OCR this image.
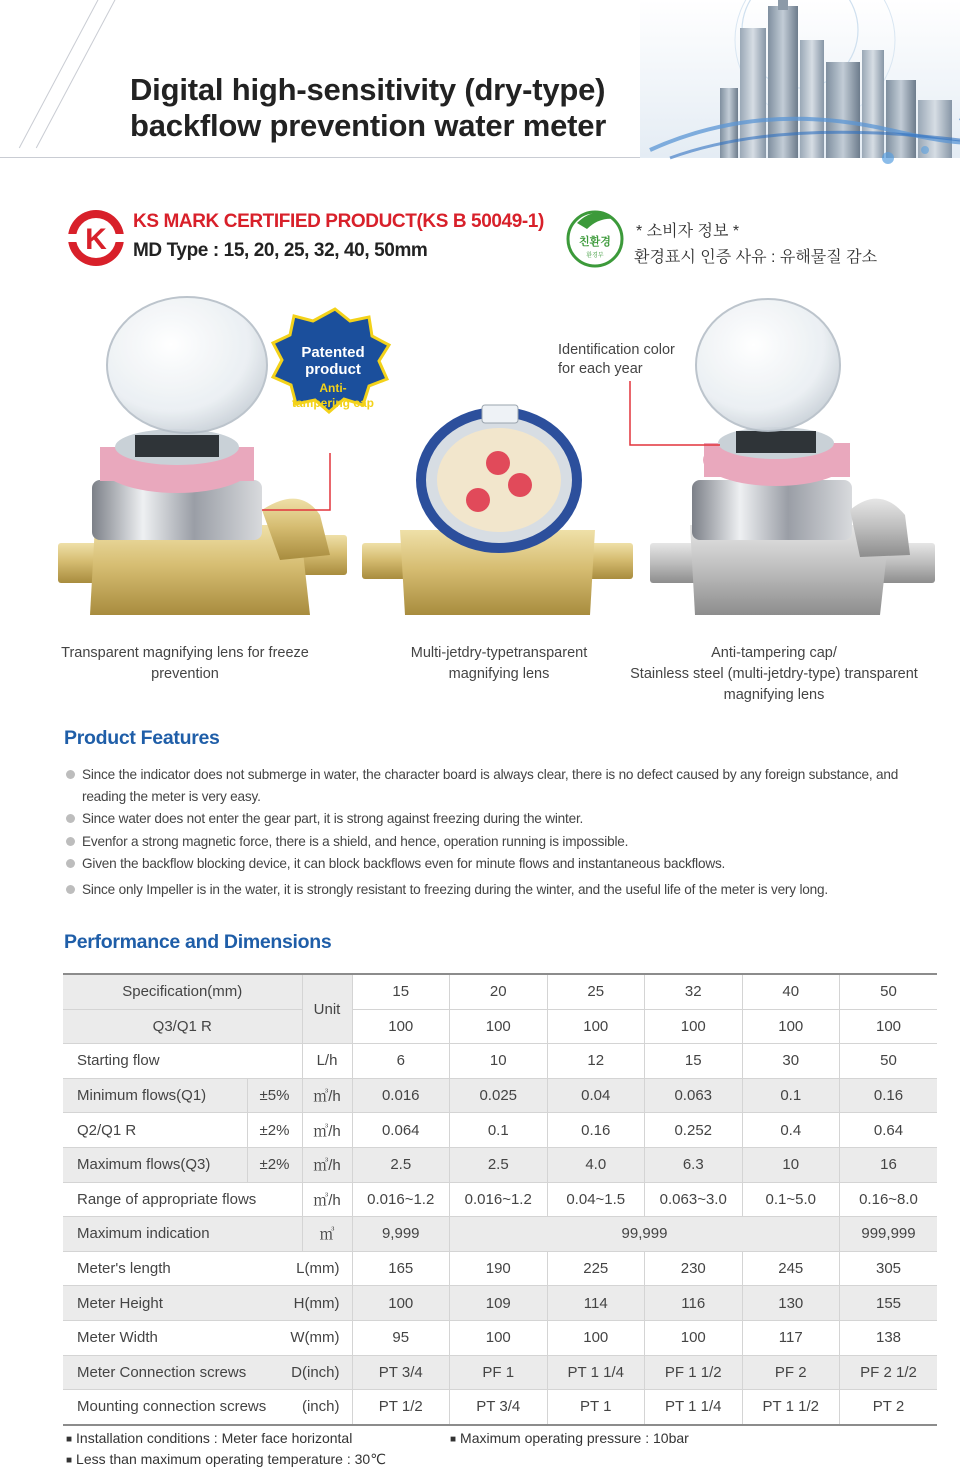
Digital high-sensitivity (dry-type)
backflow prevention water meter
K
KS MARK CERTIFIED PRODUCT(KS B 50049-1)
MD Type : 15, 20, 25, 32, 40, 50mm	친환경
환경부
* 소비자 정보 *
환경표시 인증 사유 : 유해물질 감소
Patented
product
Anti-
tampering cap
Identification color
for each year
Transparent magnifying lens for freeze
prevention
Multi-jetdry-typetransparent
magnifying lens
Anti-tampering cap/
Stainless steel (multi-jetdry-type) transparent
magnifying lens
Product Features
Since the indicator does not submerge in water, the character board is always clear, there is no defect caused by any foreign substance, and reading the meter is very easy.
Since water does not enter the gear part, it is strong against freezing during the winter.
Evenfor a strong magnetic force, there is a shield, and hence, operation running is impossible.
Given the backflow blocking device, it can block backflows even for minute flows and instantaneous backflows.
Since only Impeller is in the water, it is strongly resistant to freezing during the winter, and the useful life of the meter is very long.
Performance and Dimensions
Specification(mm)		Unit	15	20	25	32	40	50
Q3/Q1 R			100	100	100	100	100	100
Starting flow		L/h	6	10	12	15	30	50
Minimum flows(Q1)	±5%	㎥/h	0.016	0.025	0.04	0.063	0.1	0.16
Q2/Q1 R	±2%	㎥/h	0.064	0.1	0.16	0.252	0.4	0.64
Maximum flows(Q3)	±2%	㎥/h	2.5	2.5	4.0	6.3	10	16
Range of appropriate flows		㎥/h	0.016~1.2	0.016~1.2	0.04~1.5	0.063~3.0	0.1~5.0	0.16~8.0
Maximum indication		㎥	9,999	99,999				999,999
Meter's length L(mm)			165	190	225	230	245	305
Meter Height H(mm)			100	109	114	116	130	155
Meter Width W(mm)			95	100	100	100	117	138
Meter Connection screws D(inch)			PT 3/4	PF 1	PT 1 1/4	PF 1 1/2	PF 2	PF 2 1/2
Mounting connection screws (inch)			PT 1/2	PT 3/4	PT 1	PT 1 1/4	PT 1 1/2	PT 2
■ Installation conditions : Meter face horizontal	■ Maximum operating pressure : 10bar
■ Less than maximum operating temperature : 30℃
